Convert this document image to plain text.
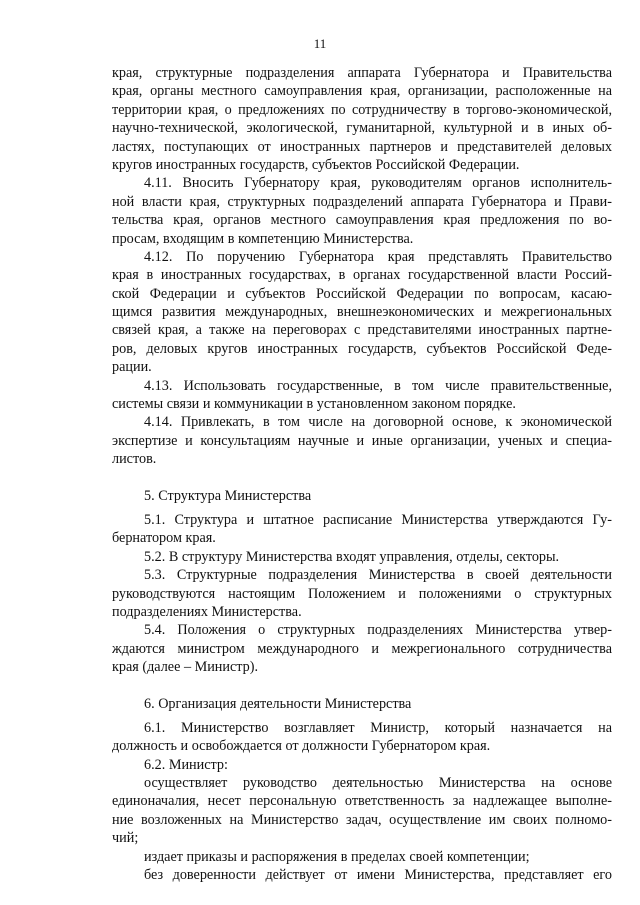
11
края, структурные подразделения аппарата Губернатора и Правительства
края, органы местного самоуправления края, организации, расположенные на
территории края, о предложениях по сотрудничеству в торгово-экономической,
научно-технической, экологической, гуманитарной, культурной и в иных об-
ластях, поступающих от иностранных партнеров и представителей деловых
кругов иностранных государств, субъектов Российской Федерации.
4.11. Вносить Губернатору края, руководителям органов исполнитель-
ной власти края, структурных подразделений аппарата Губернатора и Прави-
тельства края, органов местного самоуправления края предложения по во-
просам, входящим в компетенцию Министерства.
4.12. По поручению Губернатора края представлять Правительство
края в иностранных государствах, в органах государственной власти Россий-
ской Федерации и субъектов Российской Федерации по вопросам, касаю-
щимся развития международных, внешнеэкономических и межрегиональных
связей края, а также на переговорах с представителями иностранных партне-
ров, деловых кругов иностранных государств, субъектов Российской Феде-
рации.
4.13. Использовать государственные, в том числе правительственные,
системы связи и коммуникации в установленном законом порядке.
4.14. Привлекать, в том числе на договорной основе, к экономической
экспертизе и консультациям научные и иные организации, ученых и специа-
листов.
5. Структура Министерства
5.1. Структура и штатное расписание Министерства утверждаются Гу-
бернатором края.
5.2. В структуру Министерства входят управления, отделы, секторы.
5.3. Структурные подразделения Министерства в своей деятельности
руководствуются настоящим Положением и положениями о структурных
подразделениях Министерства.
5.4. Положения о структурных подразделениях Министерства утвер-
ждаются министром международного и межрегионального сотрудничества
края (далее – Министр).
6. Организация деятельности Министерства
6.1. Министерство возглавляет Министр, который назначается на
должность и освобождается от должности Губернатором края.
6.2. Министр:
осуществляет руководство деятельностью Министерства на основе
единоначалия, несет персональную ответственность за надлежащее выполне-
ние возложенных на Министерство задач, осуществление им своих полномо-
чий;
издает приказы и распоряжения в пределах своей компетенции;
без доверенности действует от имени Министерства, представляет его
